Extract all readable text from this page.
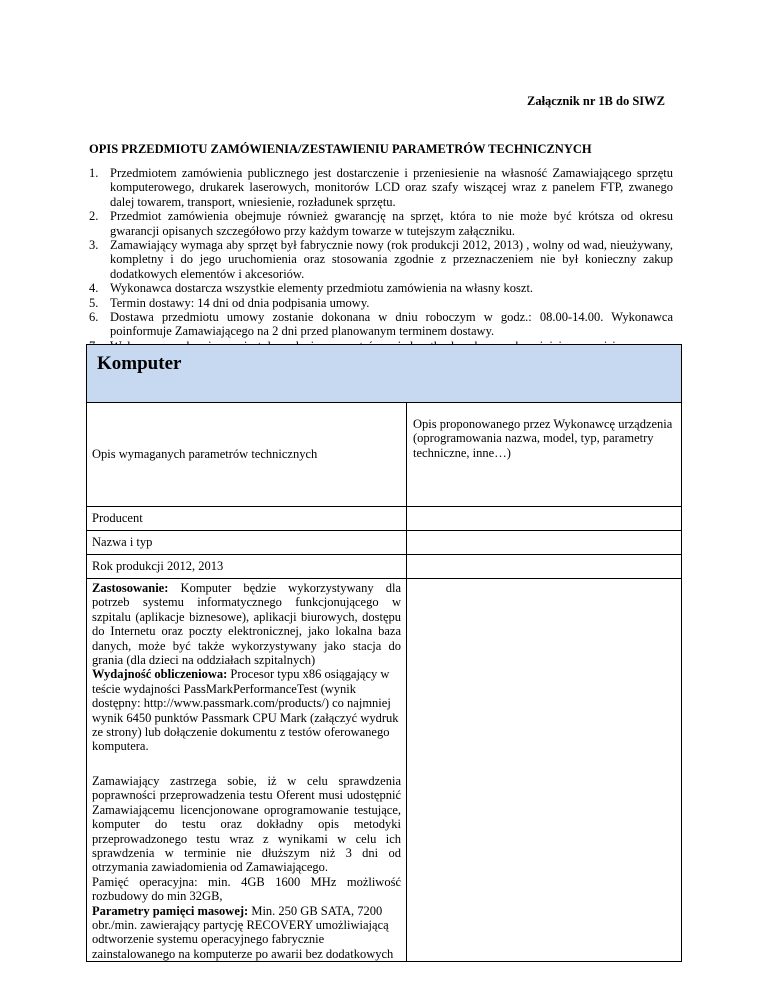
Załącznik nr 1B do SIWZ
OPIS PRZEDMIOTU ZAMÓWIENIA/ZESTAWIENIU PARAMETRÓW TECHNICZNYCH
1. Przedmiotem zamówienia publicznego jest dostarczenie i przeniesienie na własność Zamawiającego sprzętu komputerowego, drukarek laserowych, monitorów LCD oraz szafy wiszącej wraz z panelem FTP, zwanego dalej towarem, transport, wniesienie, rozładunek sprzętu.
2. Przedmiot zamówienia obejmuje również gwarancję na sprzęt, która to nie może być krótsza od okresu gwarancji opisanych szczegółowo przy każdym towarze w tutejszym załączniku.
3. Zamawiający wymaga aby sprzęt był fabrycznie nowy (rok produkcji 2012, 2013) , wolny od wad, nieużywany, kompletny i do jego uruchomienia oraz stosowania zgodnie z przeznaczeniem nie był konieczny zakup dodatkowych elementów i akcesoriów.
4. Wykonawca dostarcza wszystkie elementy przedmiotu zamówienia na własny koszt.
5. Termin dostawy: 14 dni od dnia podpisania umowy.
6. Dostawa przedmiotu umowy zostanie dokonana w dniu roboczym w godz.: 08.00-14.00. Wykonawca poinformuje Zamawiającego na 2 dni przed planowanym terminem dostawy.
Komputer	
Opis wymaganych parametrów technicznych	Opis proponowanego przez Wykonawcę urządzenia (oprogramowania nazwa, model, typ, parametry techniczne, inne…)
Producent	
Nazwa i typ	
Rok produkcji 2012, 2013	

Zastosowanie: Komputer będzie wykorzystywany dla potrzeb systemu informatycznego funkcjonującego w szpitalu (aplikacje biznesowe), aplikacji biurowych, dostępu do Internetu oraz poczty elektronicznej, jako lokalna baza danych, może być także wykorzystywany jako stacja do grania (dla dzieci na oddziałach szpitalnych)

Wydajność obliczeniowa: Procesor typu x86 osiągający w teście wydajności PassMarkPerformanceTest (wynik dostępny: http://www.passmark.com/products/) co najmniej wynik 6450 punktów Passmark CPU Mark (załączyć wydruk ze strony) lub dołączenie dokumentu z testów oferowanego komputera.

Zamawiający zastrzega sobie, iż w celu sprawdzenia poprawności przeprowadzenia testu Oferent musi udostępnić Zamawiającemu licencjonowane oprogramowanie testujące, komputer do testu oraz dokładny opis metodyki przeprowadzonego testu wraz z wynikami w celu ich sprawdzenia w terminie nie dłuższym niż 3 dni od otrzymania zawiadomienia od Zamawiającego.

Pamięć operacyjna: min. 4GB 1600 MHz możliwość rozbudowy do min 32GB,

Parametry pamięci masowej: Min. 250 GB SATA, 7200 obr./min. zawierający partycję RECOVERY umożliwiającą odtworzenie systemu operacyjnego fabrycznie zainstalowanego na komputerze po awarii bez dodatkowych	
